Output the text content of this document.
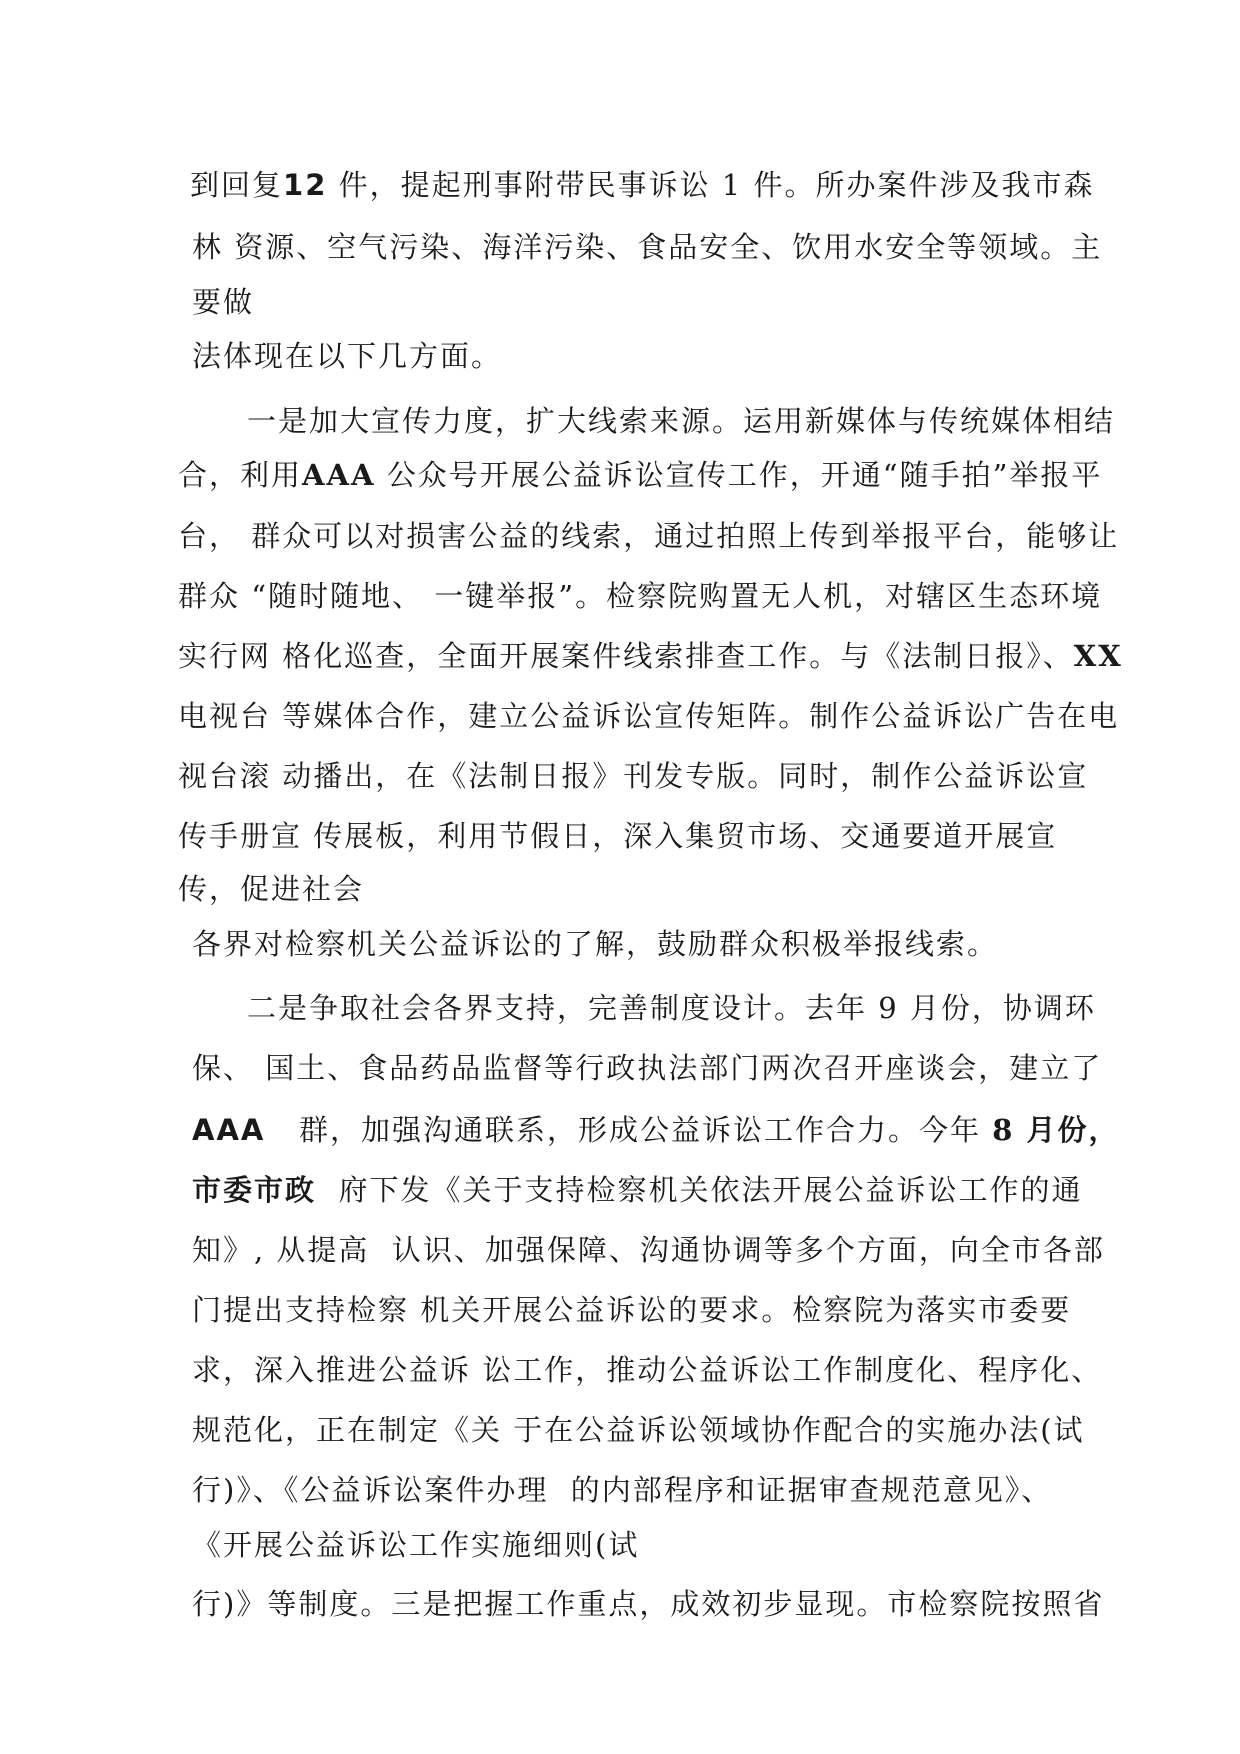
到回复12 件，提起刑事附带民事诉讼 1 件。所办案件涉及我市森
林 资源、空气污染、海洋污染、食品安全、饮用水安全等领域。主
要做
法体现在以下几方面。
一是加大宣传力度，扩大线索来源。运用新媒体与传统媒体相结
合，利用AAA 公众号开展公益诉讼宣传工作，开通“随手拍”举报平
台， 群众可以对损害公益的线索，通过拍照上传到举报平台，能够让
群众 “随时随地、 一键举报”。检察院购置无人机，对辖区生态环境
实行网 格化巡查，全面开展案件线索排查工作。与《法制日报》、XX
电视台 等媒体合作，建立公益诉讼宣传矩阵。制作公益诉讼广告在电
视台滚 动播出，在《法制日报》刊发专版。同时，制作公益诉讼宣
传手册宣 传展板，利用节假日，深入集贸市场、交通要道开展宣
传，促进社会
各界对检察机关公益诉讼的了解，鼓励群众积极举报线索。
二是争取社会各界支持，完善制度设计。去年 9 月份，协调环
保、 国土、食品药品监督等行政执法部门两次召开座谈会，建立了
AAA   群，加强沟通联系，形成公益诉讼工作合力。今年 8 月份，
市委市政  府下发《关于支持检察机关依法开展公益诉讼工作的通
知》, 从提高  认识、加强保障、沟通协调等多个方面，向全市各部
门提出支持检察 机关开展公益诉讼的要求。检察院为落实市委要
求，深入推进公益诉 讼工作，推动公益诉讼工作制度化、程序化、
规范化，正在制定《关 于在公益诉讼领域协作配合的实施办法(试
行)》、《公益诉讼案件办理  的内部程序和证据审查规范意见》、
《开展公益诉讼工作实施细则(试
行)》等制度。三是把握工作重点，成效初步显现。市检察院按照省
